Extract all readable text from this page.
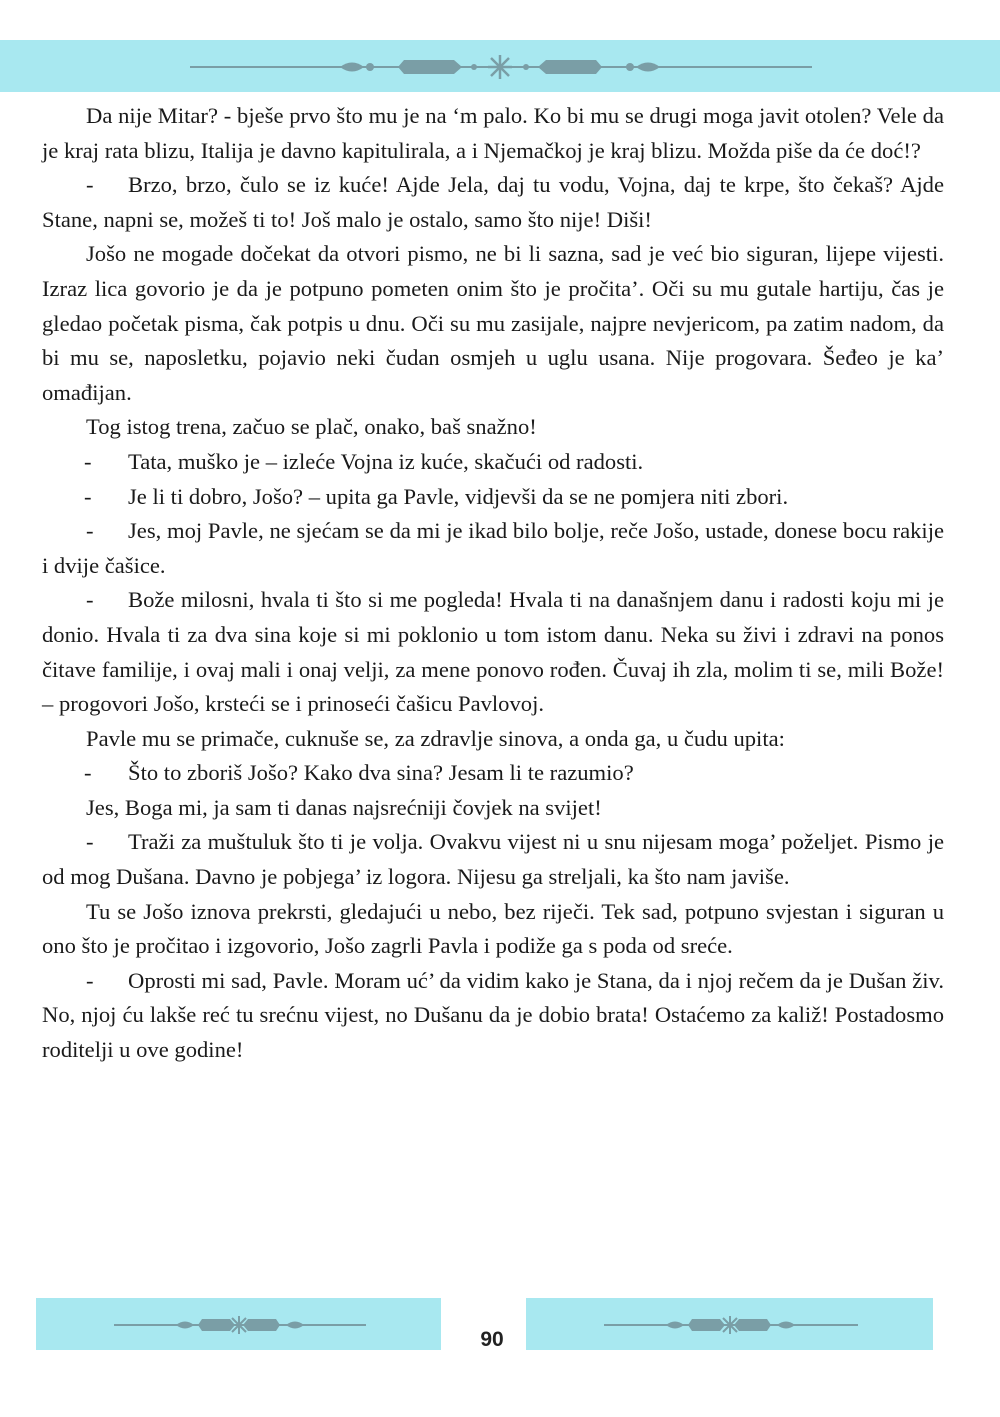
Da nije Mitar? - bješe prvo što mu je na ‘m palo. Ko bi mu se drugi moga javit otolen? Vele da je kraj rata blizu, Italija je davno kapitulirala, a i Njemačkoj je kraj blizu. Možda piše da će doć!?

- Brzo, brzo, čulo se iz kuće! Ajde Jela, daj tu vodu, Vojna, daj te krpe, što čekaš? Ajde Stane, napni se, možeš ti to! Još malo je ostalo, samo što nije! Diši!

Jošo ne mogade dočekat da otvori pismo, ne bi li sazna, sad je već bio siguran, lijepe vijesti. Izraz lica govorio je da je potpuno pometen onim što je pročita’. Oči su mu gutale hartiju, čas je gledao početak pisma, čak potpis u dnu. Oči su mu zasijale, najpre nevjericom, pa zatim nadom, da bi mu se, naposletku, pojavio neki čudan osmjeh u uglu usana. Nije progovara. Šeđeo je ka’ omađijan.

Tog istog trena, začuo se plač, onako, baš snažno!

- Tata, muško je – izleće Vojna iz kuće, skačući od radosti.

- Je li ti dobro, Jošo? – upita ga Pavle, vidjevši da se ne pomjera niti zbori.

- Jes, moj Pavle, ne sjećam se da mi je ikad bilo bolje, reče Jošo, ustade, donese bocu rakije i dvije čašice.

- Bože milosni, hvala ti što si me pogleda! Hvala ti na današnjem danu i radosti koju mi je donio. Hvala ti za dva sina koje si mi poklonio u tom istom danu. Neka su živi i zdravi na ponos čitave familije, i ovaj mali i onaj velji, za mene ponovo rođen. Čuvaj ih zla, molim ti se, mili Bože! – progovori Jošo, krsteći se i prinoseći čašicu Pavlovoj.

Pavle mu se primače, cuknuše se, za zdravlje sinova, a onda ga, u čudu upita:

- Što to zboriš Jošo? Kako dva sina? Jesam li te razumio?

Jes, Boga mi, ja sam ti danas najsrećniji čovjek na svijet!

- Traži za muštuluk što ti je volja. Ovakvu vijest ni u snu nijesam moga’ poželjet. Pismo je od mog Dušana. Davno je pobjega’ iz logora. Nijesu ga streljali, ka što nam javiše.

Tu se Jošo iznova prekrsti, gledajući u nebo, bez riječi. Tek sad, potpuno svjestan i siguran u ono što je pročitao i izgovorio, Jošo zagrli Pavla i podiže ga s poda od sreće.

- Oprosti mi sad, Pavle. Moram uć’ da vidim kako je Stana, da i njoj rečem da je Dušan živ. No, njoj ću lakše reć tu srećnu vijest, no Dušanu da je dobio brata! Ostaćemo za kaliž! Postadosmo roditelji u ove godine!

90
